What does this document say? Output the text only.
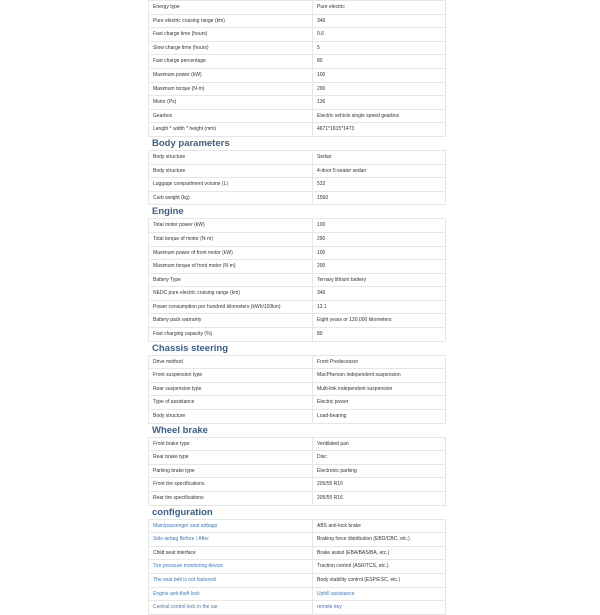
Energy type	Pure electric
Pure electric cruising range (km)	346
Fast charge time (hours)	0.6
Slow charge time (hours)	5
Fast charge percentage	80
Maximum power (kW)	100
Maximum torque (N·m)	290
Motor (Ps)	136
Gearbox	Electric vehicle single speed gearbox
Length * width * height (mm)	4671*1815*1473
Body parameters
Body structure	Sedan
Body structure	4-door 5-seater sedan
Luggage compartment volume (L)	532
Curb weight (kg)	1560
Engine
Total motor power (kW)	100
Total torque of motor (N·m)	290
Maximum power of front motor (kW)	100
Maximum torque of front motor (N·m)	290
Battery Type	Ternary lithium battery
NEDC pure electric cruising range (km)	346
Power consumption per hundred kilometers (kWh/100km)	13.1
Battery pack warranty	Eight years or 120,000 kilometers
Fast charging capacity (%)	80
Chassis steering
Drive method	Front Predecessor
Front suspension type	MacPherson independent suspension
Rear suspension type	Multi-link independent suspension
Type of assistance	Electric power
Body structure	Load-bearing
Wheel brake
Front brake type	Ventilated pan
Rear brake type	Disc
Parking brake type	Electronic parking
Front tire specifications	205/55 R16
Rear tire specifications	205/55 R16
configuration
Main/passenger seat airbags	ABS anti-lock brake
Side airbag Before / After	Braking force distribution (EBD/CBC, etc.)
Child seat interface	Brake assist (EBA/BAS/BA, etc.)
Tire pressure monitoring device	Traction control (ASR/TCS, etc.)
The seat belt is not fastened	Body stability control (ESP/ESC, etc.)
Engine anti-theft lock	Uphill assistance
Central control lock in the car	remote key
